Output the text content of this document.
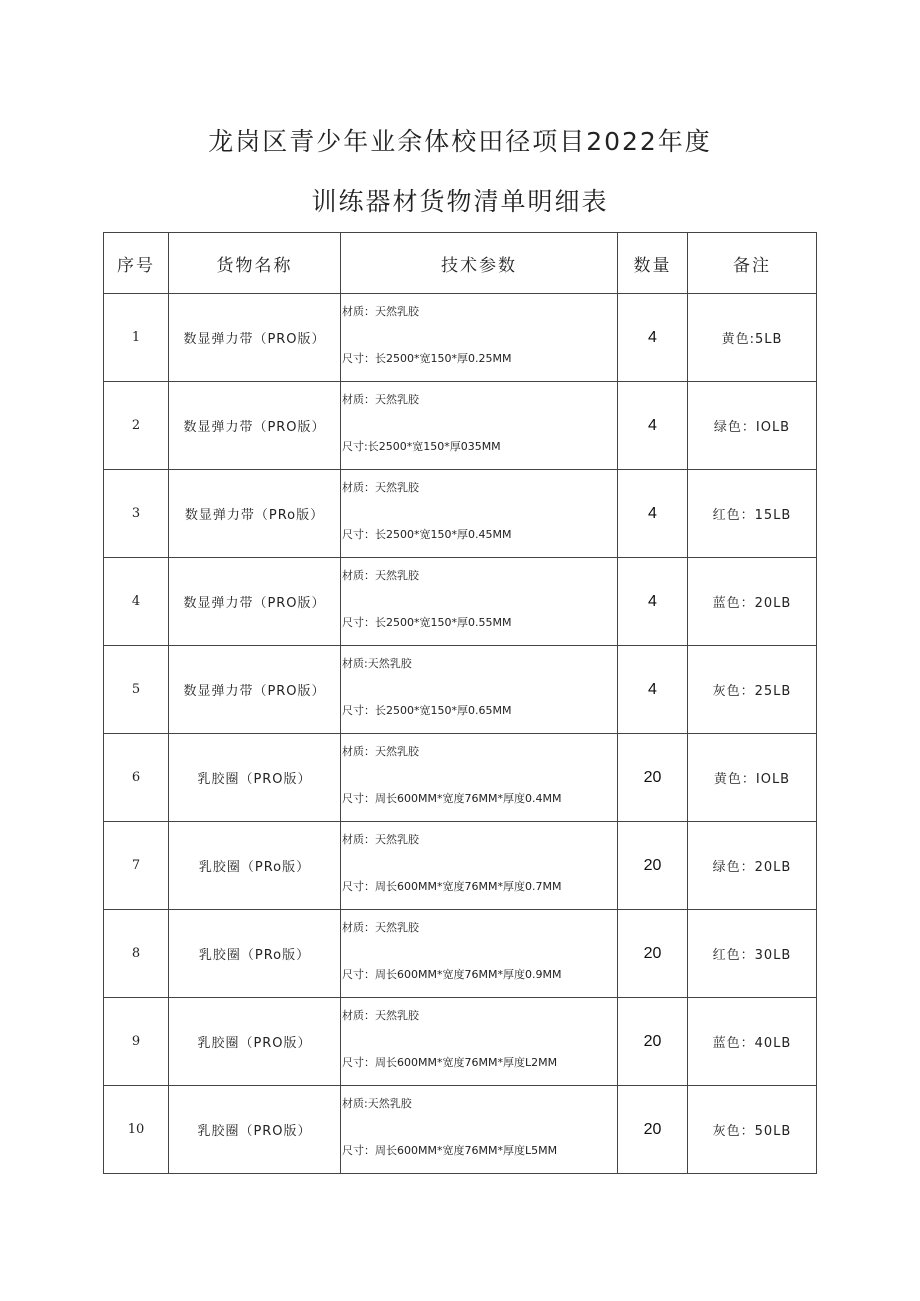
龙岗区青少年业余体校田径项目2022年度
训练器材货物清单明细表
序号	货物名称	技术参数	数量	备注
1	数显弹力带（PRO版）	材质：天然乳胶
尺寸：长2500*宽150*厚0.25MM	4	黄色:5LB
2	数显弹力带（PRO版）	材质：天然乳胶
尺寸:长2500*宽150*厚035MM	4	绿色：IOLB
3	数显弹力带（PRo版）	材质：天然乳胶
尺寸：长2500*宽150*厚0.45MM	4	红色：15LB
4	数显弹力带（PRO版）	材质：天然乳胶
尺寸：长2500*宽150*厚0.55MM	4	蓝色：20LB
5	数显弹力带（PRO版）	材质:天然乳胶
尺寸：长2500*宽150*厚0.65MM	4	灰色：25LB
6	乳胶圈（PRO版）	材质：天然乳胶
尺寸：周长600MM*宽度76MM*厚度0.4MM	20	黄色：IOLB
7	乳胶圈（PRo版）	材质：天然乳胶
尺寸：周长600MM*宽度76MM*厚度0.7MM	20	绿色：20LB
8	乳胶圈（PRo版）	材质：天然乳胶
尺寸：周长600MM*宽度76MM*厚度0.9MM	20	红色：30LB
9	乳胶圈（PRO版）	材质：天然乳胶
尺寸：周长600MM*宽度76MM*厚度L2MM	20	蓝色：40LB
10	乳胶圈（PRO版）	材质:天然乳胶
尺寸：周长600MM*宽度76MM*厚度L5MM	20	灰色：50LB
